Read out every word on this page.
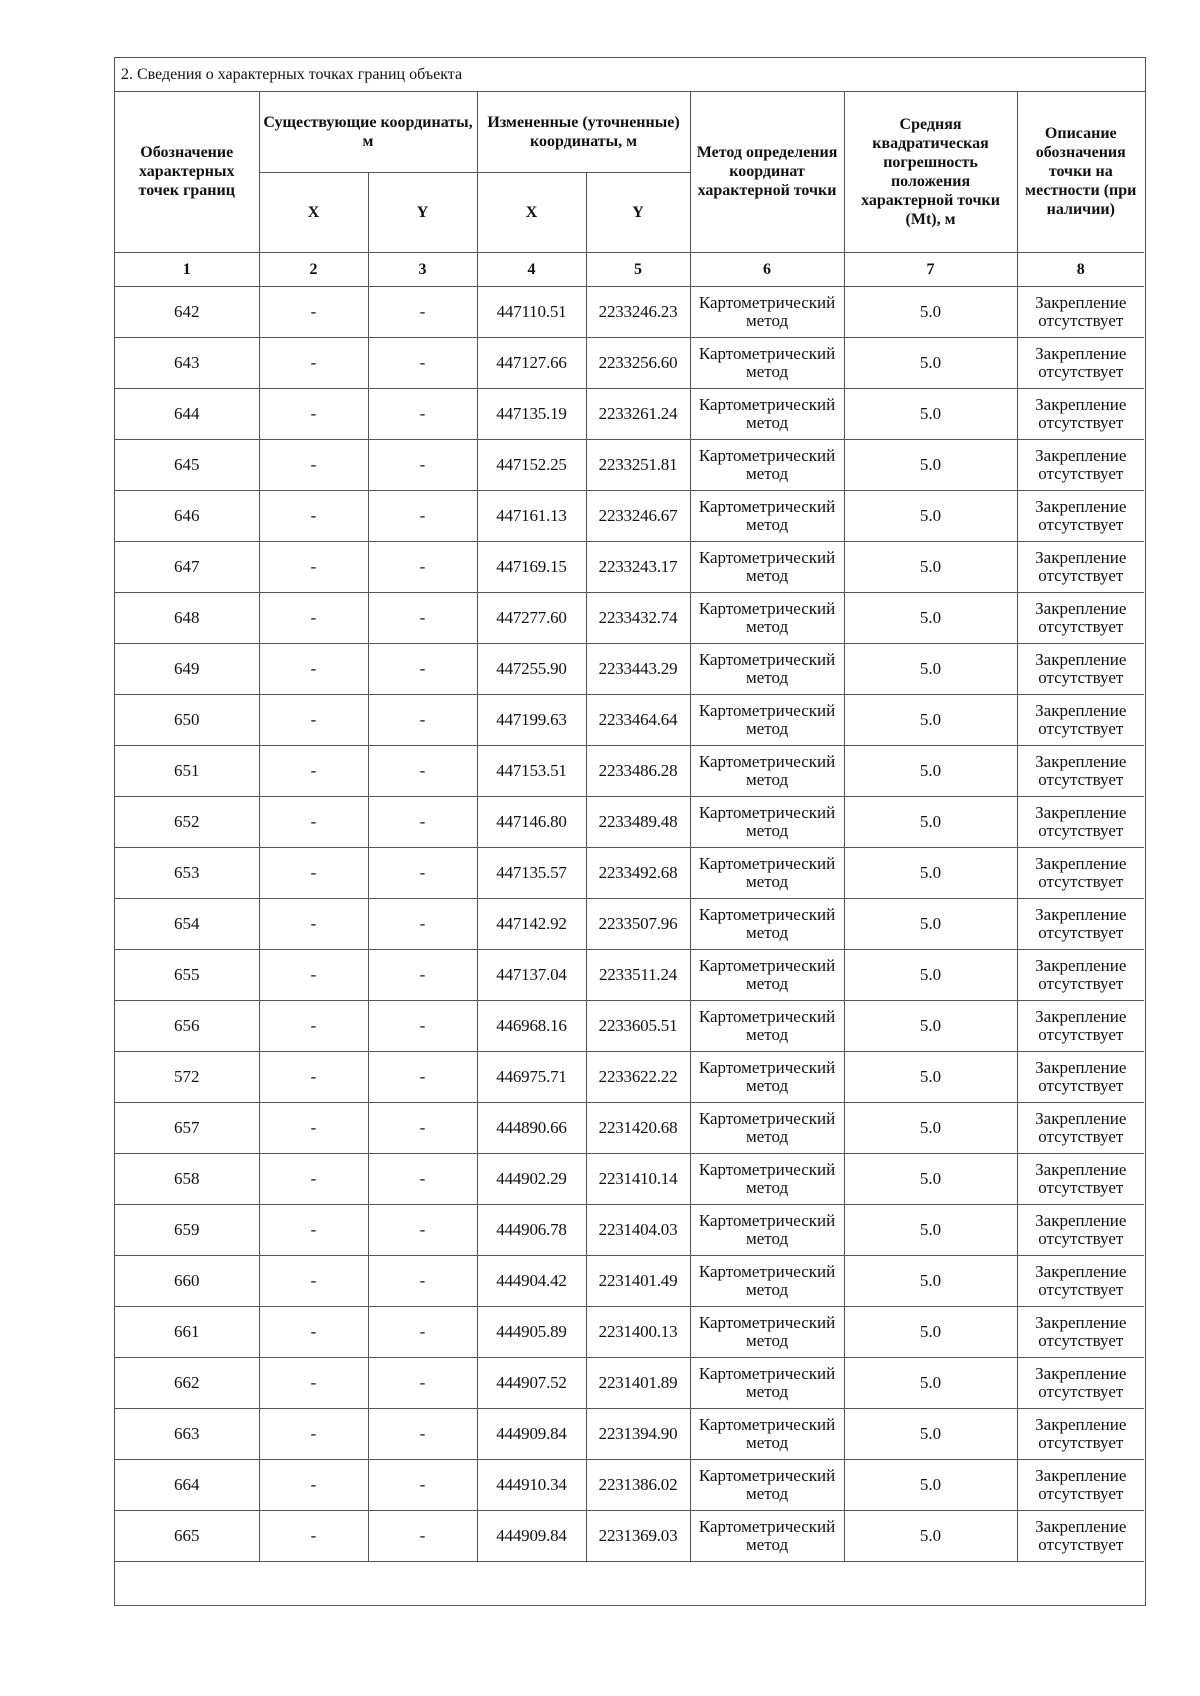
2. Сведения о характерных точках границ объекта
Обозначение характерных точек границ	Существующие координаты, м		Измененные (уточненные) координаты, м		Метод определения координат характерной точки	Средняя квадратическая погрешность положения характерной точки (Mt), м	Описание обозначения точки на местности (при наличии)
	X	Y	X	Y			
1	2	3	4	5	6	7	8
642	-	-	447110.51	2233246.23	Картометрический метод	5.0	Закрепление отсутствует
643	-	-	447127.66	2233256.60	Картометрический метод	5.0	Закрепление отсутствует
644	-	-	447135.19	2233261.24	Картометрический метод	5.0	Закрепление отсутствует
645	-	-	447152.25	2233251.81	Картометрический метод	5.0	Закрепление отсутствует
646	-	-	447161.13	2233246.67	Картометрический метод	5.0	Закрепление отсутствует
647	-	-	447169.15	2233243.17	Картометрический метод	5.0	Закрепление отсутствует
648	-	-	447277.60	2233432.74	Картометрический метод	5.0	Закрепление отсутствует
649	-	-	447255.90	2233443.29	Картометрический метод	5.0	Закрепление отсутствует
650	-	-	447199.63	2233464.64	Картометрический метод	5.0	Закрепление отсутствует
651	-	-	447153.51	2233486.28	Картометрический метод	5.0	Закрепление отсутствует
652	-	-	447146.80	2233489.48	Картометрический метод	5.0	Закрепление отсутствует
653	-	-	447135.57	2233492.68	Картометрический метод	5.0	Закрепление отсутствует
654	-	-	447142.92	2233507.96	Картометрический метод	5.0	Закрепление отсутствует
655	-	-	447137.04	2233511.24	Картометрический метод	5.0	Закрепление отсутствует
656	-	-	446968.16	2233605.51	Картометрический метод	5.0	Закрепление отсутствует
572	-	-	446975.71	2233622.22	Картометрический метод	5.0	Закрепление отсутствует
657	-	-	444890.66	2231420.68	Картометрический метод	5.0	Закрепление отсутствует
658	-	-	444902.29	2231410.14	Картометрический метод	5.0	Закрепление отсутствует
659	-	-	444906.78	2231404.03	Картометрический метод	5.0	Закрепление отсутствует
660	-	-	444904.42	2231401.49	Картометрический метод	5.0	Закрепление отсутствует
661	-	-	444905.89	2231400.13	Картометрический метод	5.0	Закрепление отсутствует
662	-	-	444907.52	2231401.89	Картометрический метод	5.0	Закрепление отсутствует
663	-	-	444909.84	2231394.90	Картометрический метод	5.0	Закрепление отсутствует
664	-	-	444910.34	2231386.02	Картометрический метод	5.0	Закрепление отсутствует
665	-	-	444909.84	2231369.03	Картометрический метод	5.0	Закрепление отсутствует
